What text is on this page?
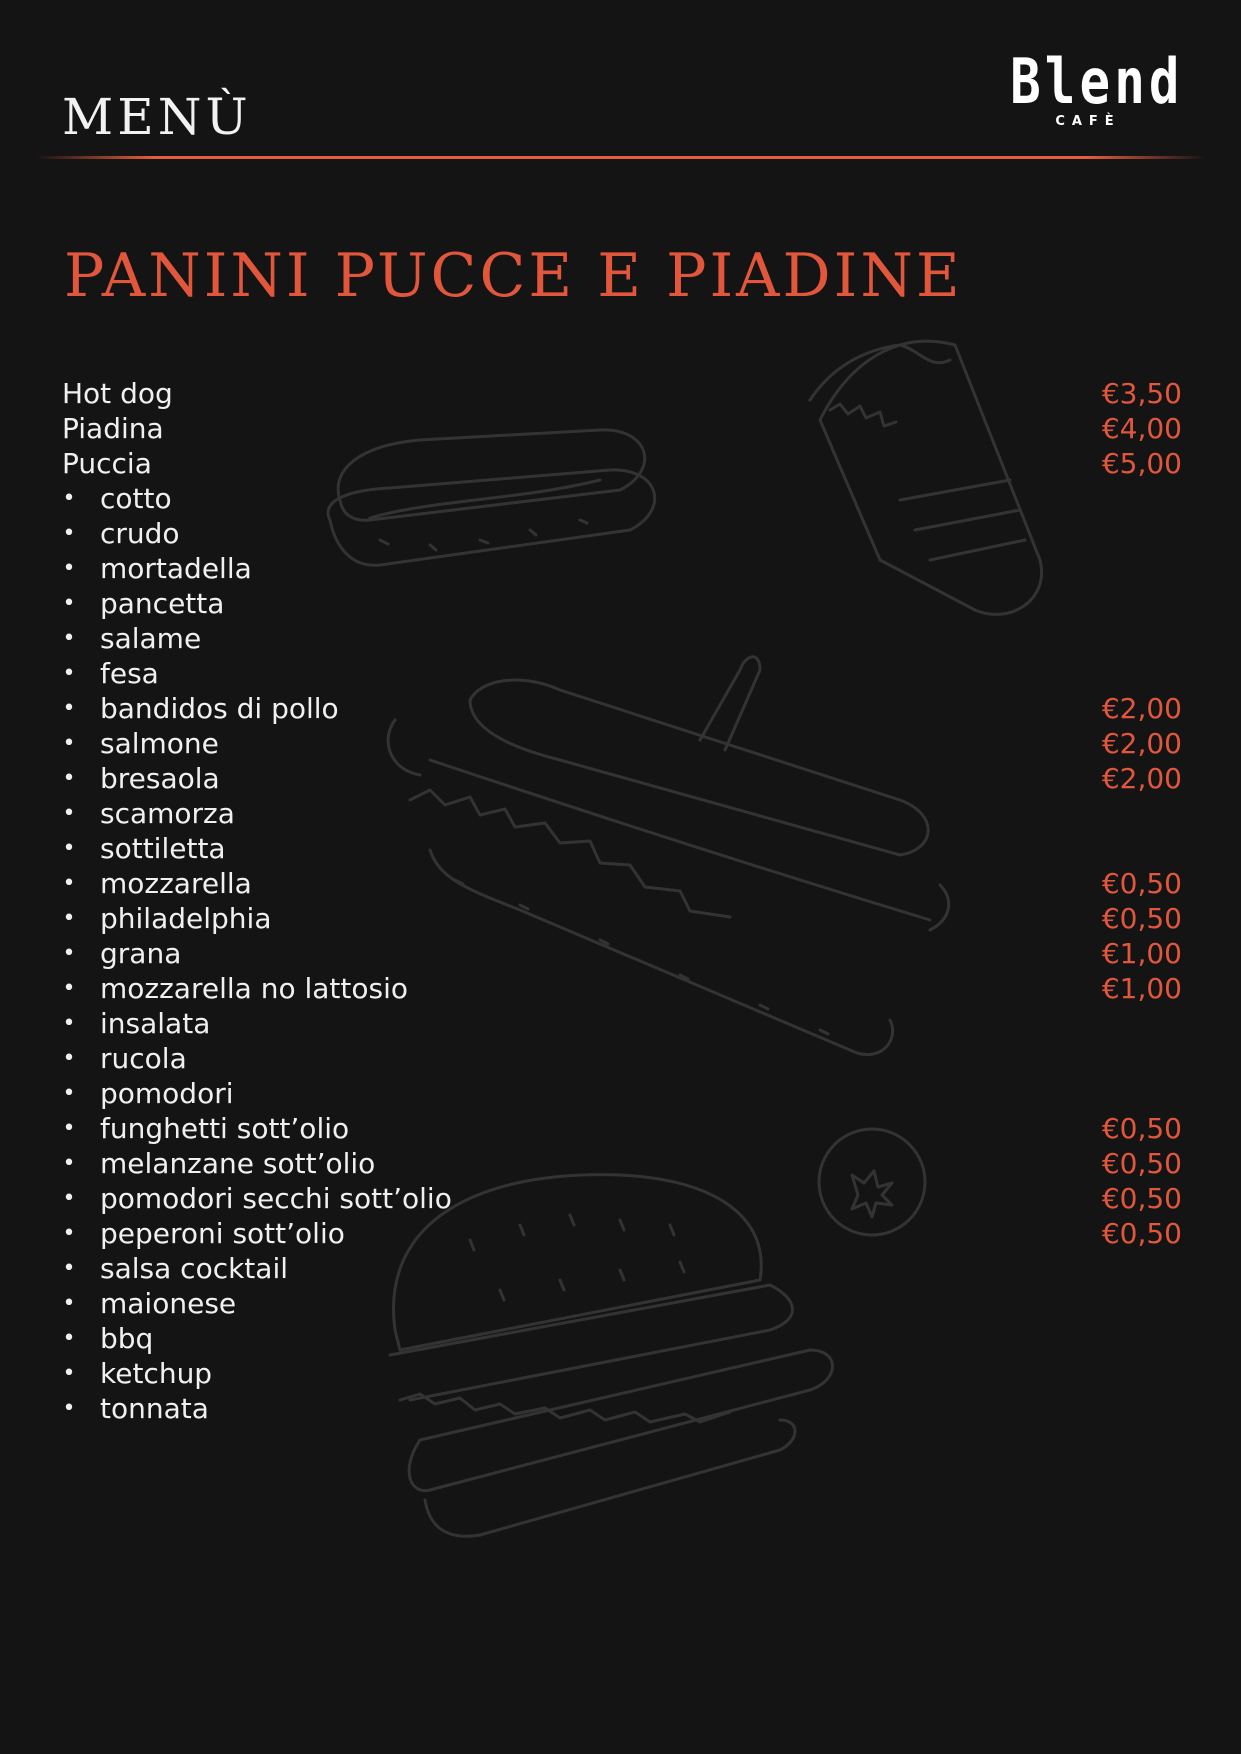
MENÙ	Blend
CAFÈ
PANINI PUCCE E PIADINE
Hot dog	€3,50
Piadina	€4,00
Puccia	€5,00
• cotto
• crudo
• mortadella
• pancetta
• salame
• fesa
• bandidos di pollo	€2,00
• salmone	€2,00
• bresaola	€2,00
• scamorza
• sottiletta
• mozzarella	€0,50
• philadelphia	€0,50
• grana	€1,00
• mozzarella no lattosio	€1,00
• insalata
• rucola
• pomodori
• funghetti sott’olio	€0,50
• melanzane sott’olio	€0,50
• pomodori secchi sott’olio	€0,50
• peperoni sott’olio	€0,50
• salsa cocktail
• maionese
• bbq
• ketchup
• tonnata
